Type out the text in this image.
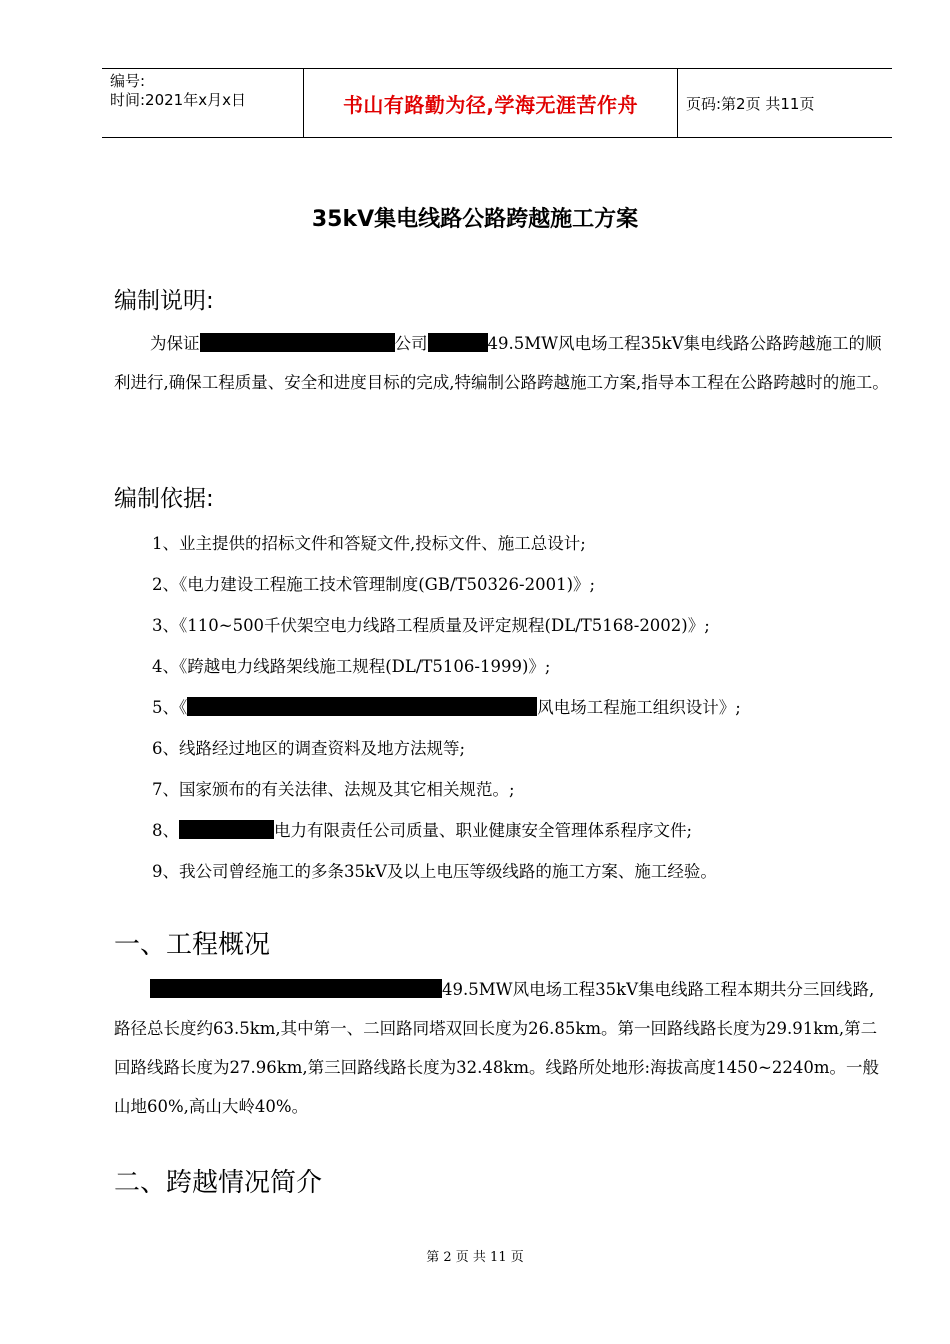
编号:
时间:2021年x月x日	书山有路勤为径,学海无涯苦作舟	页码:第2页 共11页
35kV集电线路公路跨越施工方案
编制说明:
为保证	公司	49.5MW风电场工程35kV集电线路公路跨越施工的顺利进行,确保工程质量、安全和进度目标的完成,特编制公路跨越施工方案,指导本工程在公路跨越时的施工。
编制依据:
1、业主提供的招标文件和答疑文件,投标文件、施工总设计;
2、《电力建设工程施工技术管理制度(GB/T50326-2001)》;
3、《110~500千伏架空电力线路工程质量及评定规程(DL/T5168-2002)》;
4、《跨越电力线路架线施工规程(DL/T5106-1999)》;
5、《	风电场工程施工组织设计》;
6、线路经过地区的调查资料及地方法规等;
7、国家颁布的有关法律、法规及其它相关规范。;
8、	电力有限责任公司质量、职业健康安全管理体系程序文件;
9、我公司曾经施工的多条35kV及以上电压等级线路的施工方案、施工经验。
一、工程概况
49.5MW风电场工程35kV集电线路工程本期共分三回线路,路径总长度约63.5km,其中第一、二回路同塔双回长度为26.85km。第一回路线路长度为29.91km,第二回路线路长度为27.96km,第三回路线路长度为32.48km。线路所处地形:海拔高度1450~2240m。一般山地60%,高山大岭40%。
二、跨越情况简介
第 2 页 共 11 页
